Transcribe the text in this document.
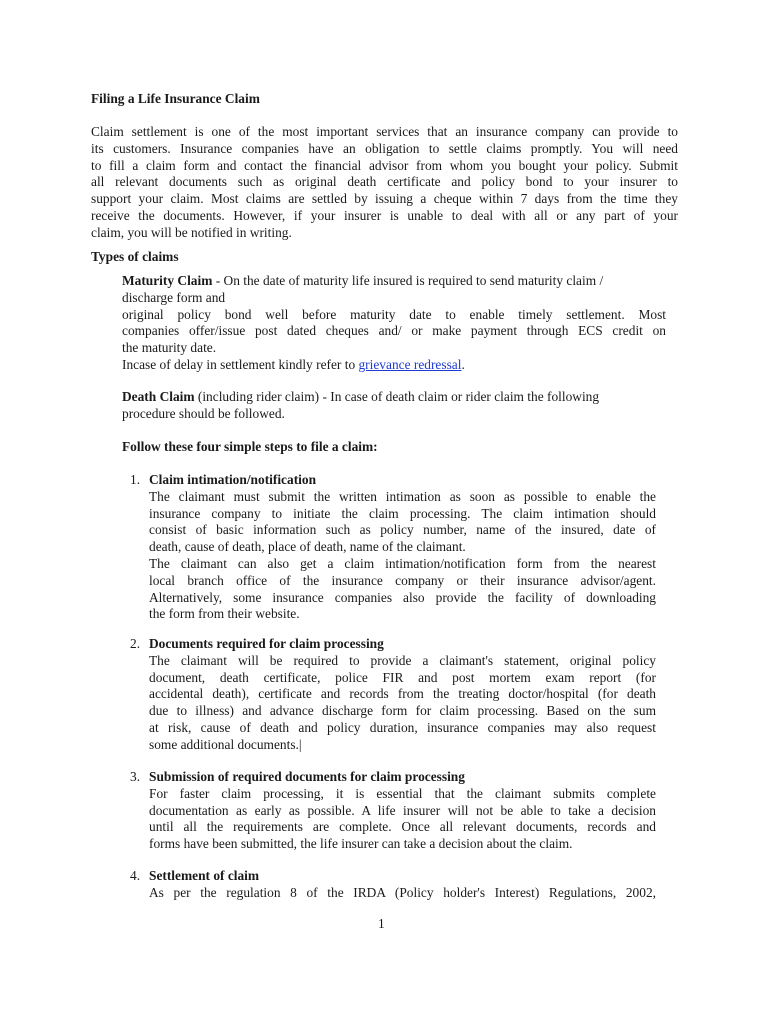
Filing a Life Insurance Claim
Claim settlement is one of the most important services that an insurance company can provide to
its customers. Insurance companies have an obligation to settle claims promptly. You will need
to fill a claim form and contact the financial advisor from whom you bought your policy. Submit
all relevant documents such as original death certificate and policy bond to your insurer to
support your claim. Most claims are settled by issuing a cheque within 7 days from the time they
receive the documents. However, if your insurer is unable to deal with all or any part of your
claim, you will be notified in writing.
Types of claims
Maturity Claim - On the date of maturity life insured is required to send maturity claim /
discharge form and
original policy bond well before maturity date to enable timely settlement. Most
companies offer/issue post dated cheques and/ or make payment through ECS credit on
the maturity date.
Incase of delay in settlement kindly refer to grievance redressal.
Death Claim (including rider claim) - In case of death claim or rider claim the following
procedure should be followed.
Follow these four simple steps to file a claim:
1. Claim intimation/notification
The claimant must submit the written intimation as soon as possible to enable the
insurance company to initiate the claim processing. The claim intimation should
consist of basic information such as policy number, name of the insured, date of
death, cause of death, place of death, name of the claimant.
The claimant can also get a claim intimation/notification form from the nearest
local branch office of the insurance company or their insurance advisor/agent.
Alternatively, some insurance companies also provide the facility of downloading
the form from their website.
2. Documents required for claim processing
The claimant will be required to provide a claimant's statement, original policy
document, death certificate, police FIR and post mortem exam report (for
accidental death), certificate and records from the treating doctor/hospital (for death
due to illness) and advance discharge form for claim processing. Based on the sum
at risk, cause of death and policy duration, insurance companies may also request
some additional documents.|
3. Submission of required documents for claim processing
For faster claim processing, it is essential that the claimant submits complete
documentation as early as possible. A life insurer will not be able to take a decision
until all the requirements are complete. Once all relevant documents, records and
forms have been submitted, the life insurer can take a decision about the claim.
4. Settlement of claim
As per the regulation 8 of the IRDA (Policy holder's Interest) Regulations, 2002,
1
